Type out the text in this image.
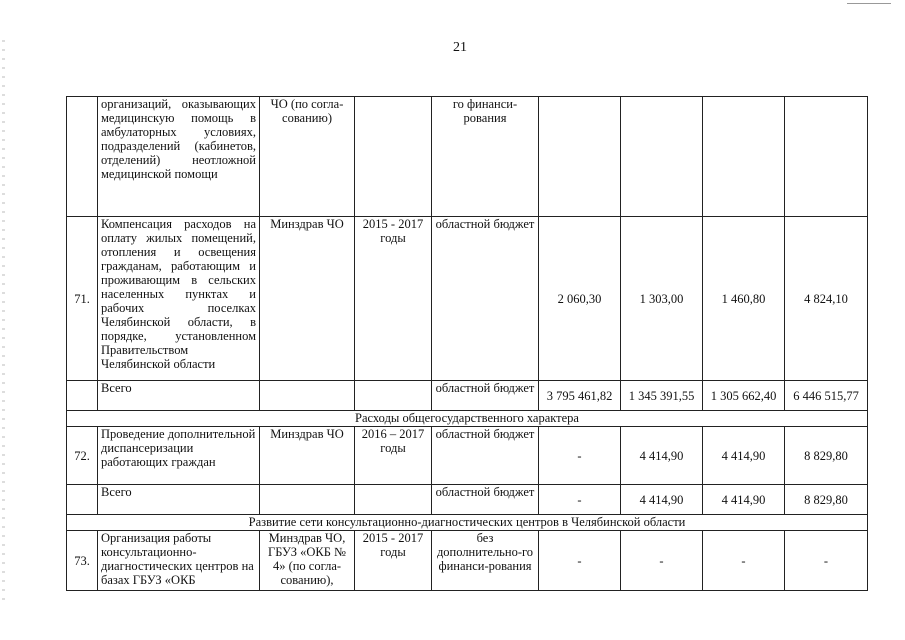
21
	организаций, оказывающих медицинскую помощь в амбулаторных условиях, подразделений (кабинетов, отделений) неотложной медицинской помощи	ЧО (по согла-сованию)		го финанси-рования				
71.	Компенсация расходов на оплату жилых помещений, отопления и освещения гражданам, работающим и проживающим в сельских населенных пунктах и рабочих поселках Челябинской области, в порядке, установленном Правительством Челябинской области	Минздрав ЧО	2015 - 2017 годы	областной бюджет	2 060,30	1 303,00	1 460,80	4 824,10
	Всего			областной бюджет	3 795 461,82	1 345 391,55	1 305 662,40	6 446 515,77
Расходы общегосударственного характера								
72.	Проведение дополнительной диспансеризации работающих граждан	Минздрав ЧО	2016 – 2017 годы	областной бюджет	-	4 414,90	4 414,90	8 829,80
	Всего			областной бюджет	-	4 414,90	4 414,90	8 829,80
Развитие сети консультационно-диагностических центров в Челябинской области								
73.	Организация работы консультационно-диагностических центров на базах ГБУЗ «ОКБ	Минздрав ЧО, ГБУЗ «ОКБ № 4» (по согла-сованию),	2015 - 2017 годы	без дополнительно-го финанси-рования	-	-	-	-
